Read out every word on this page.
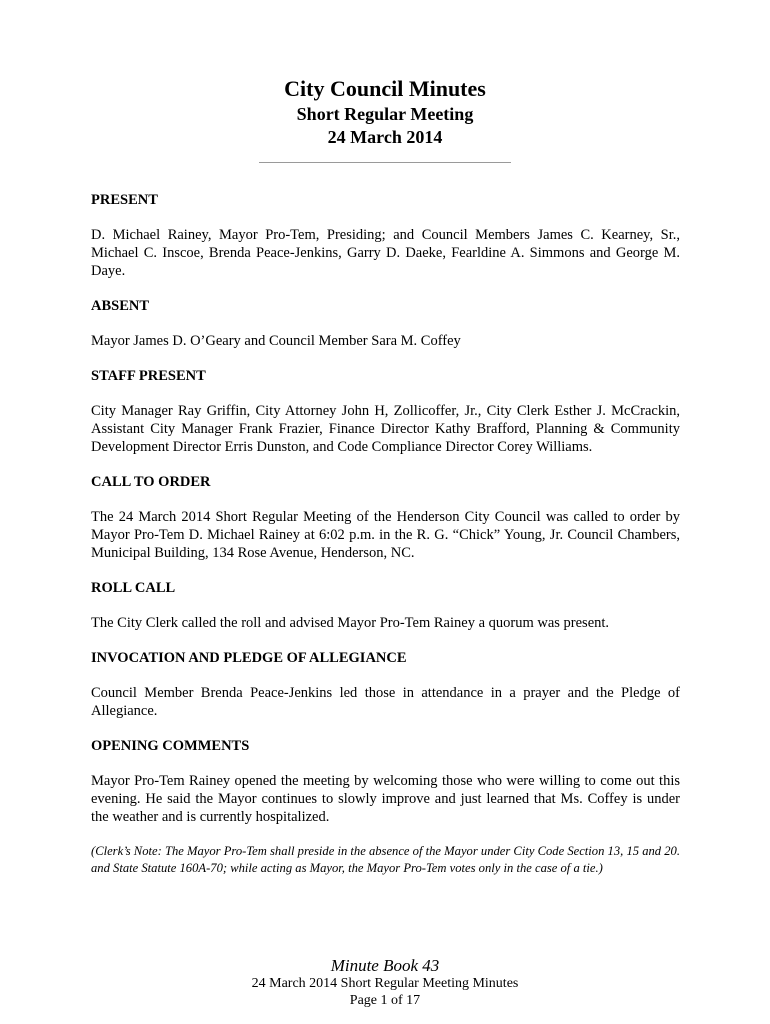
City Council Minutes
Short Regular Meeting
24 March 2014
PRESENT
D. Michael Rainey, Mayor Pro-Tem, Presiding; and Council Members James C. Kearney, Sr., Michael C. Inscoe, Brenda Peace-Jenkins, Garry D. Daeke, Fearldine A. Simmons and George M. Daye.
ABSENT
Mayor James D. O’Geary and Council Member Sara M. Coffey
STAFF PRESENT
City Manager Ray Griffin, City Attorney John H, Zollicoffer, Jr., City Clerk Esther J. McCrackin, Assistant City Manager Frank Frazier, Finance Director Kathy Brafford, Planning & Community Development Director Erris Dunston, and Code Compliance Director Corey Williams.
CALL TO ORDER
The 24 March 2014 Short Regular Meeting of the Henderson City Council was called to order by Mayor Pro-Tem D. Michael Rainey at 6:02 p.m. in the R. G. “Chick” Young, Jr. Council Chambers, Municipal Building, 134 Rose Avenue, Henderson, NC.
ROLL CALL
The City Clerk called the roll and advised Mayor Pro-Tem Rainey a quorum was present.
INVOCATION AND PLEDGE OF ALLEGIANCE
Council Member Brenda Peace-Jenkins led those in attendance in a prayer and the Pledge of Allegiance.
OPENING COMMENTS
Mayor Pro-Tem Rainey opened the meeting by welcoming those who were willing to come out this evening. He said the Mayor continues to slowly improve and just learned that Ms. Coffey is under the weather and is currently hospitalized.
(Clerk’s Note: The Mayor Pro-Tem shall preside in the absence of the Mayor under City Code Section 13, 15 and 20. and State Statute 160A-70; while acting as Mayor, the Mayor Pro-Tem votes only in the case of a tie.)
Minute Book 43
24 March 2014 Short Regular Meeting Minutes
Page 1 of 17
